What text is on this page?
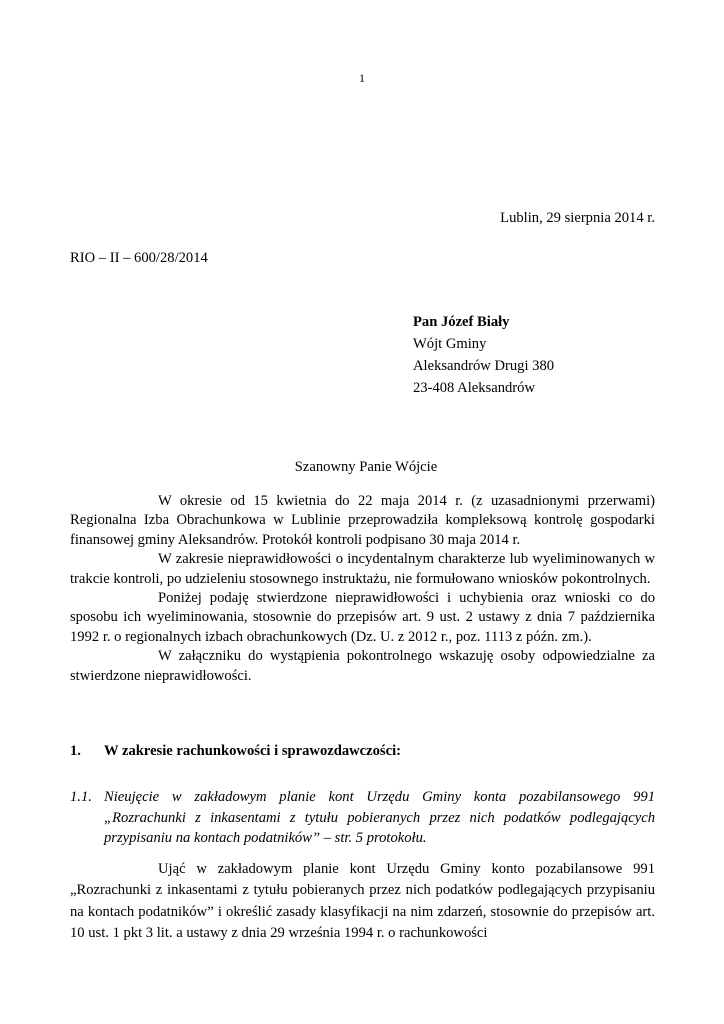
1
Lublin, 29 sierpnia 2014 r.
RIO – II – 600/28/2014
Pan Józef Biały
Wójt Gminy
Aleksandrów Drugi 380
23-408 Aleksandrów
Szanowny Panie Wójcie

W okresie od 15 kwietnia do 22 maja 2014 r. (z uzasadnionymi przerwami) Regionalna Izba Obrachunkowa w Lublinie przeprowadziła kompleksową kontrolę gospodarki finansowej gminy Aleksandrów. Protokół kontroli podpisano 30 maja 2014 r.

W zakresie nieprawidłowości o incydentalnym charakterze lub wyeliminowanych w trakcie kontroli, po udzieleniu stosownego instruktażu, nie formułowano wniosków pokontrolnych.

Poniżej podaję stwierdzone nieprawidłowości i uchybienia oraz wnioski co do sposobu ich wyeliminowania, stosownie do przepisów art. 9 ust. 2 ustawy z dnia 7 października 1992 r. o regionalnych izbach obrachunkowych (Dz. U. z 2012 r., poz. 1113 z późn. zm.).

W załączniku do wystąpienia pokontrolnego wskazuję osoby odpowiedzialne za stwierdzone nieprawidłowości.

1. W zakresie rachunkowości i sprawozdawczości:
1.1. Nieujęcie w zakładowym planie kont Urzędu Gminy konta pozabilansowego 991 „Rozrachunki z inkasentami z tytułu pobieranych przez nich podatków podlegających przypisaniu na kontach podatników” – str. 5 protokołu.

Ująć w zakładowym planie kont Urzędu Gminy konto pozabilansowe 991 „Rozrachunki z inkasentami z tytułu pobieranych przez nich podatków podlegających przypisaniu na kontach podatników” i określić zasady klasyfikacji na nim zdarzeń, stosownie do przepisów art. 10 ust. 1 pkt 3 lit. a ustawy z dnia 29 września 1994 r. o rachunkowości
